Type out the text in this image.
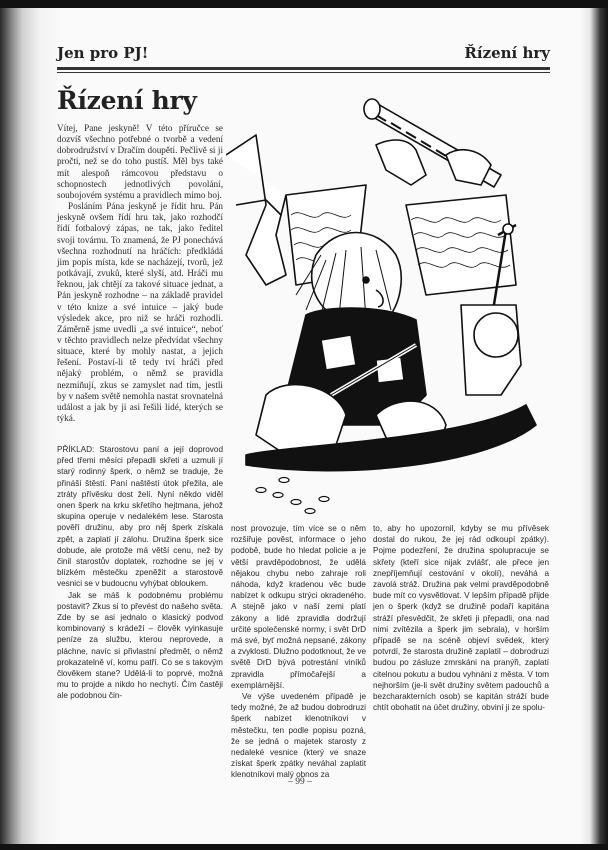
Jen pro PJ!	Řízení hry
Řízení hry

Vítej, Pane jeskyně! V této příručce se dozvíš všechno potřebné o tvorbě a vedení dobrodružství v Dračím doupěti. Pečlivě si ji pročti, než se do toho pustíš. Měl bys také mít alespoň rámcovou představu o schopnostech jednotlivých povolání, soubojovém systému a pravidlech mimo boj.

Posláním Pána jeskyně je řídit hru. Pán jeskyně ovšem řídí hru tak, jako rozhodčí řídí fotbalový zápas, ne tak, jako ředitel svoji továrnu. To znamená, že PJ ponechává všechna rozhodnutí na hráčích: předkládá jim popis místa, kde se nacházejí, tvorů, jež potkávají, zvuků, které slyší, atd. Hráči mu řeknou, jak chtějí za takové situace jednat, a Pán jeskyně rozhodne – na základě pravidel v této knize a své intuice – jaký bude výsledek akce, pro niž se hráči rozhodli. Záměrně jsme uvedli „a své intuice“, neboť v těchto pravidlech nelze předvídat všechny situace, které by mohly nastat, a jejich řešení. Postaví-li tě tedy tví hráči před nějaký problém, o němž se pravidla nezmiňují, zkus se zamyslet nad tím, jestli by v našem světě nemohla nastat srovnatelná událost a jak by ji asi řešili lidé, kterých se týká.

PŘÍKLAD: Starostovu paní a její doprovod před třemi měsíci přepadli skřeti a uzmuli jí starý rodinný šperk, o němž se traduje, že přináší štěstí. Paní naštěstí útok přežila, ale ztráty přívěsku dost želí. Nyní někdo viděl onen šperk na krku skřetího hejtmana, jehož skupina operuje v nedalekém lese. Starosta pověří družinu, aby pro něj šperk získala zpět, a zaplatí jí zálohu. Družina šperk sice dobude, ale protože má větší cenu, než by činil starostův doplatek, rozhodne se jej v blízkém městečku zpeněžit a starostově vesnici se v budoucnu vyhýbat obloukem.

Jak se máš k podobnému problému postavit? Zkus si to převést do našeho světa. Zde by se asi jednalo o klasický podvod kombinovaný s krádeží – člověk vyinkasuje peníze za službu, kterou neprovede, a pláchne, navíc si přivlastní předmět, o němž prokazatelně ví, komu patří. Co se s takovým člověkem stane? Udělá-li to poprvé, možná mu to projde a nikdo ho nechytí. Čím častěji ale podobnou čin-

nost provozuje, tím více se o něm rozšiřuje pověst, informace o jeho podobě, bude ho hledat policie a je větší pravděpodobnost, že udělá nějakou chybu nebo zahraje roli náhoda, když kradenou věc bude nabízet k odkupu strýci okradeného. A stejně jako v naší zemi platí zákony a lidé zpravidla dodržují určité společenské normy, i svět DrD má své, byť možná nepsané, zákony a zvyklosti. Dlužno podotknout, že ve světě DrD bývá potrestání viníků zpravidla přímočařejší a exemplárnější.

Ve výše uvedeném případě je tedy možné, že až budou dobrodruzi šperk nabízet klenotníkovi v městečku, ten podle popisu pozná, že se jedná o majetek starosty z nedaleké vesnice (který ve snaze získat šperk zpátky neváhal zaplatit klenotníkovi malý obnos za

to, aby ho upozornil, kdyby se mu přívěsek dostal do rukou, že jej rád odkoupí zpátky). Pojme podezření, že družina spolupracuje se skřety (kteří sice nijak zvlášť, ale přece jen znepříjemňují cestování v okolí), neváhá a zavolá stráž. Družina pak velmi pravděpodobně bude mít co vysvětlovat. V lepším případě přijde jen o šperk (když se družině podaří kapitána stráží přesvědčit, že skřeti ji přepadli, ona nad nimi zvítězila a šperk jim sebrala), v horším případě se na scéně objeví svědek, který potvrdí, že starosta družině zaplatil – dobrodruzi budou po zásluze zmrskáni na pranýři, zaplatí citelnou pokutu a budou vyhnáni z města. V tom nejhorším (je-li svět družiny světem padouchů a bezcharakterních osob) se kapitán stráží bude chtít obohatit na účet družiny, obviní ji ze spolu-

– 99 –
